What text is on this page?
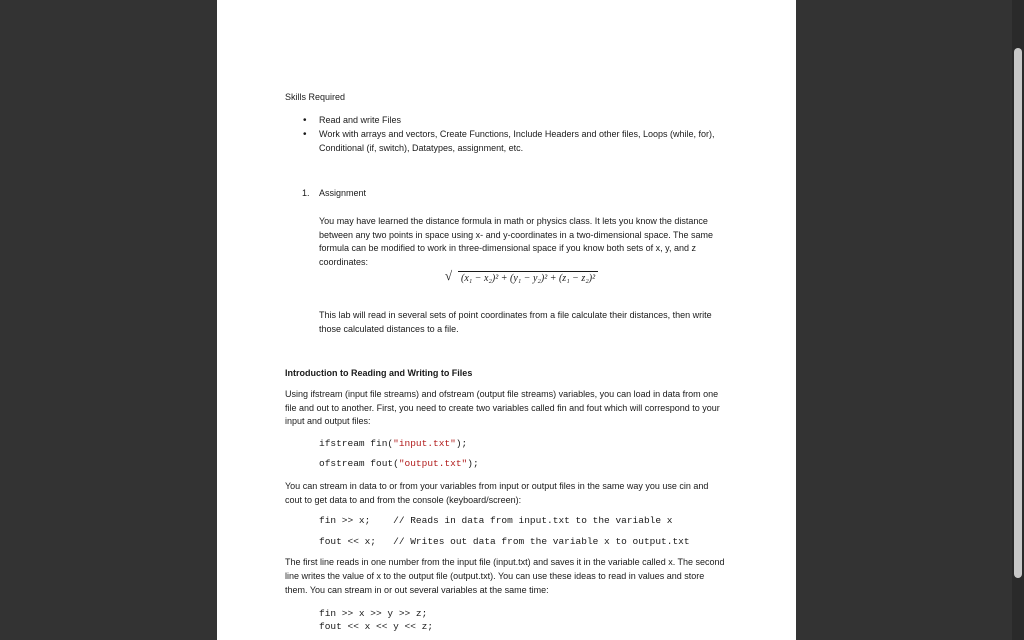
Skills Required

• Read and write Files
• Work with arrays and vectors, Create Functions, Include Headers and other files, Loops (while, for), Conditional (if, switch), Datatypes, assignment, etc.

1. Assignment

You may have learned the distance formula in math or physics class. It lets you know the distance between any two points in space using x- and y-coordinates in a two-dimensional space. The same formula can be modified to work in three-dimensional space if you know both sets of x, y, and z coordinates:

√ (x₁ − x₂)² + (y₁ − y₂)² + (z₁ − z₂)²

This lab will read in several sets of point coordinates from a file calculate their distances, then write those calculated distances to a file.

Introduction to Reading and Writing to Files

Using ifstream (input file streams) and ofstream (output file streams) variables, you can load in data from one file and out to another. First, you need to create two variables called fin and fout which will correspond to your input and output files:

ifstream fin("input.txt");
ofstream fout("output.txt");

You can stream in data to or from your variables from input or output files in the same way you use cin and cout to get data to and from the console (keyboard/screen):

fin >> x;    // Reads in data from input.txt to the variable x
fout << x;   // Writes out data from the variable x to output.txt

The first line reads in one number from the input file (input.txt) and saves it in the variable called x. The second line writes the value of x to the output file (output.txt). You can use these ideas to read in values and store them. You can stream in or out several variables at the same time:

fin >> x >> y >> z;
fout << x << y << z;
